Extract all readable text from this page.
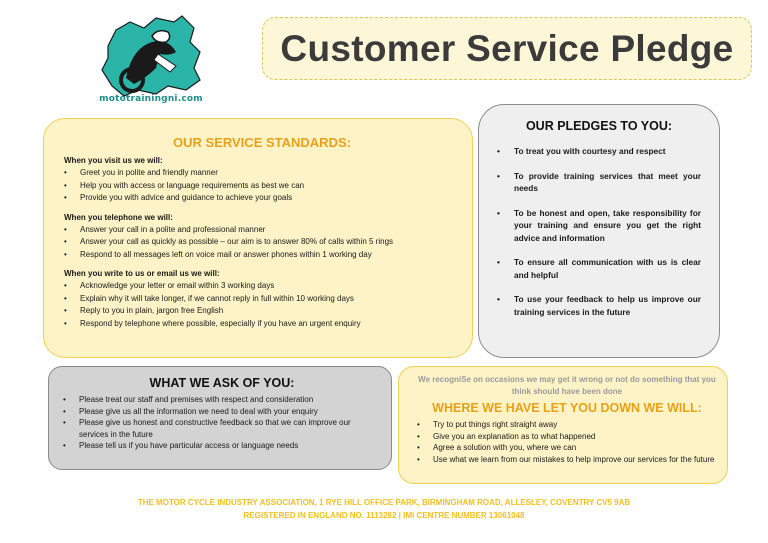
mototrainingni.com
Customer Service Pledge
OUR SERVICE STANDARDS:
When you visit us we will:
• Greet you in polite and friendly manner
• Help you with access or language requirements as best we can
• Provide you with advice and guidance to achieve your goals
When you telephone we will:
• Answer your call in a polite and professional manner
• Answer your call as quickly as possible – our aim is to answer 80% of calls within 5 rings
• Respond to all messages left on voice mail or answer phones within 1 working day
When you write to us or email us we will:
• Acknowledge your letter or email within 3 working days
• Explain why it will take longer, if we cannot reply in full within 10 working days
• Reply to you in plain, jargon free English
• Respond by telephone where possible, especially if you have an urgent enquiry
OUR PLEDGES TO YOU:
• To treat you with courtesy and respect
• To provide training services that meet your needs
• To be honest and open, take responsibility for your training and ensure you get the right advice and information
• To ensure all communication with us is clear and helpful
• To use your feedback to help us improve our training services in the future
WHAT WE ASK OF YOU:
• Please treat our staff and premises with respect and consideration
• Please give us all the information we need to deal with your enquiry
• Please give us honest and constructive feedback so that we can improve our services in the future
• Please tell us if you have particular access or language needs

We recogniSe on occasions we may get it wrong or not do something that you think should have been done

WHERE WE HAVE LET YOU DOWN WE WILL:
• Try to put things right straight away
• Give you an explanation as to what happened
• Agree a solution with you, where we can
• Use what we learn from our mistakes to help improve our services for the future
THE MOTOR CYCLE INDUSTRY ASSOCIATION, 1 RYE HILL OFFICE PARK, BIRMINGHAM ROAD, ALLESLEY, COVENTRY CV5 9AB
REGISTERED IN ENGLAND NO. 1113282 | IMI CENTRE NUMBER 13061048
